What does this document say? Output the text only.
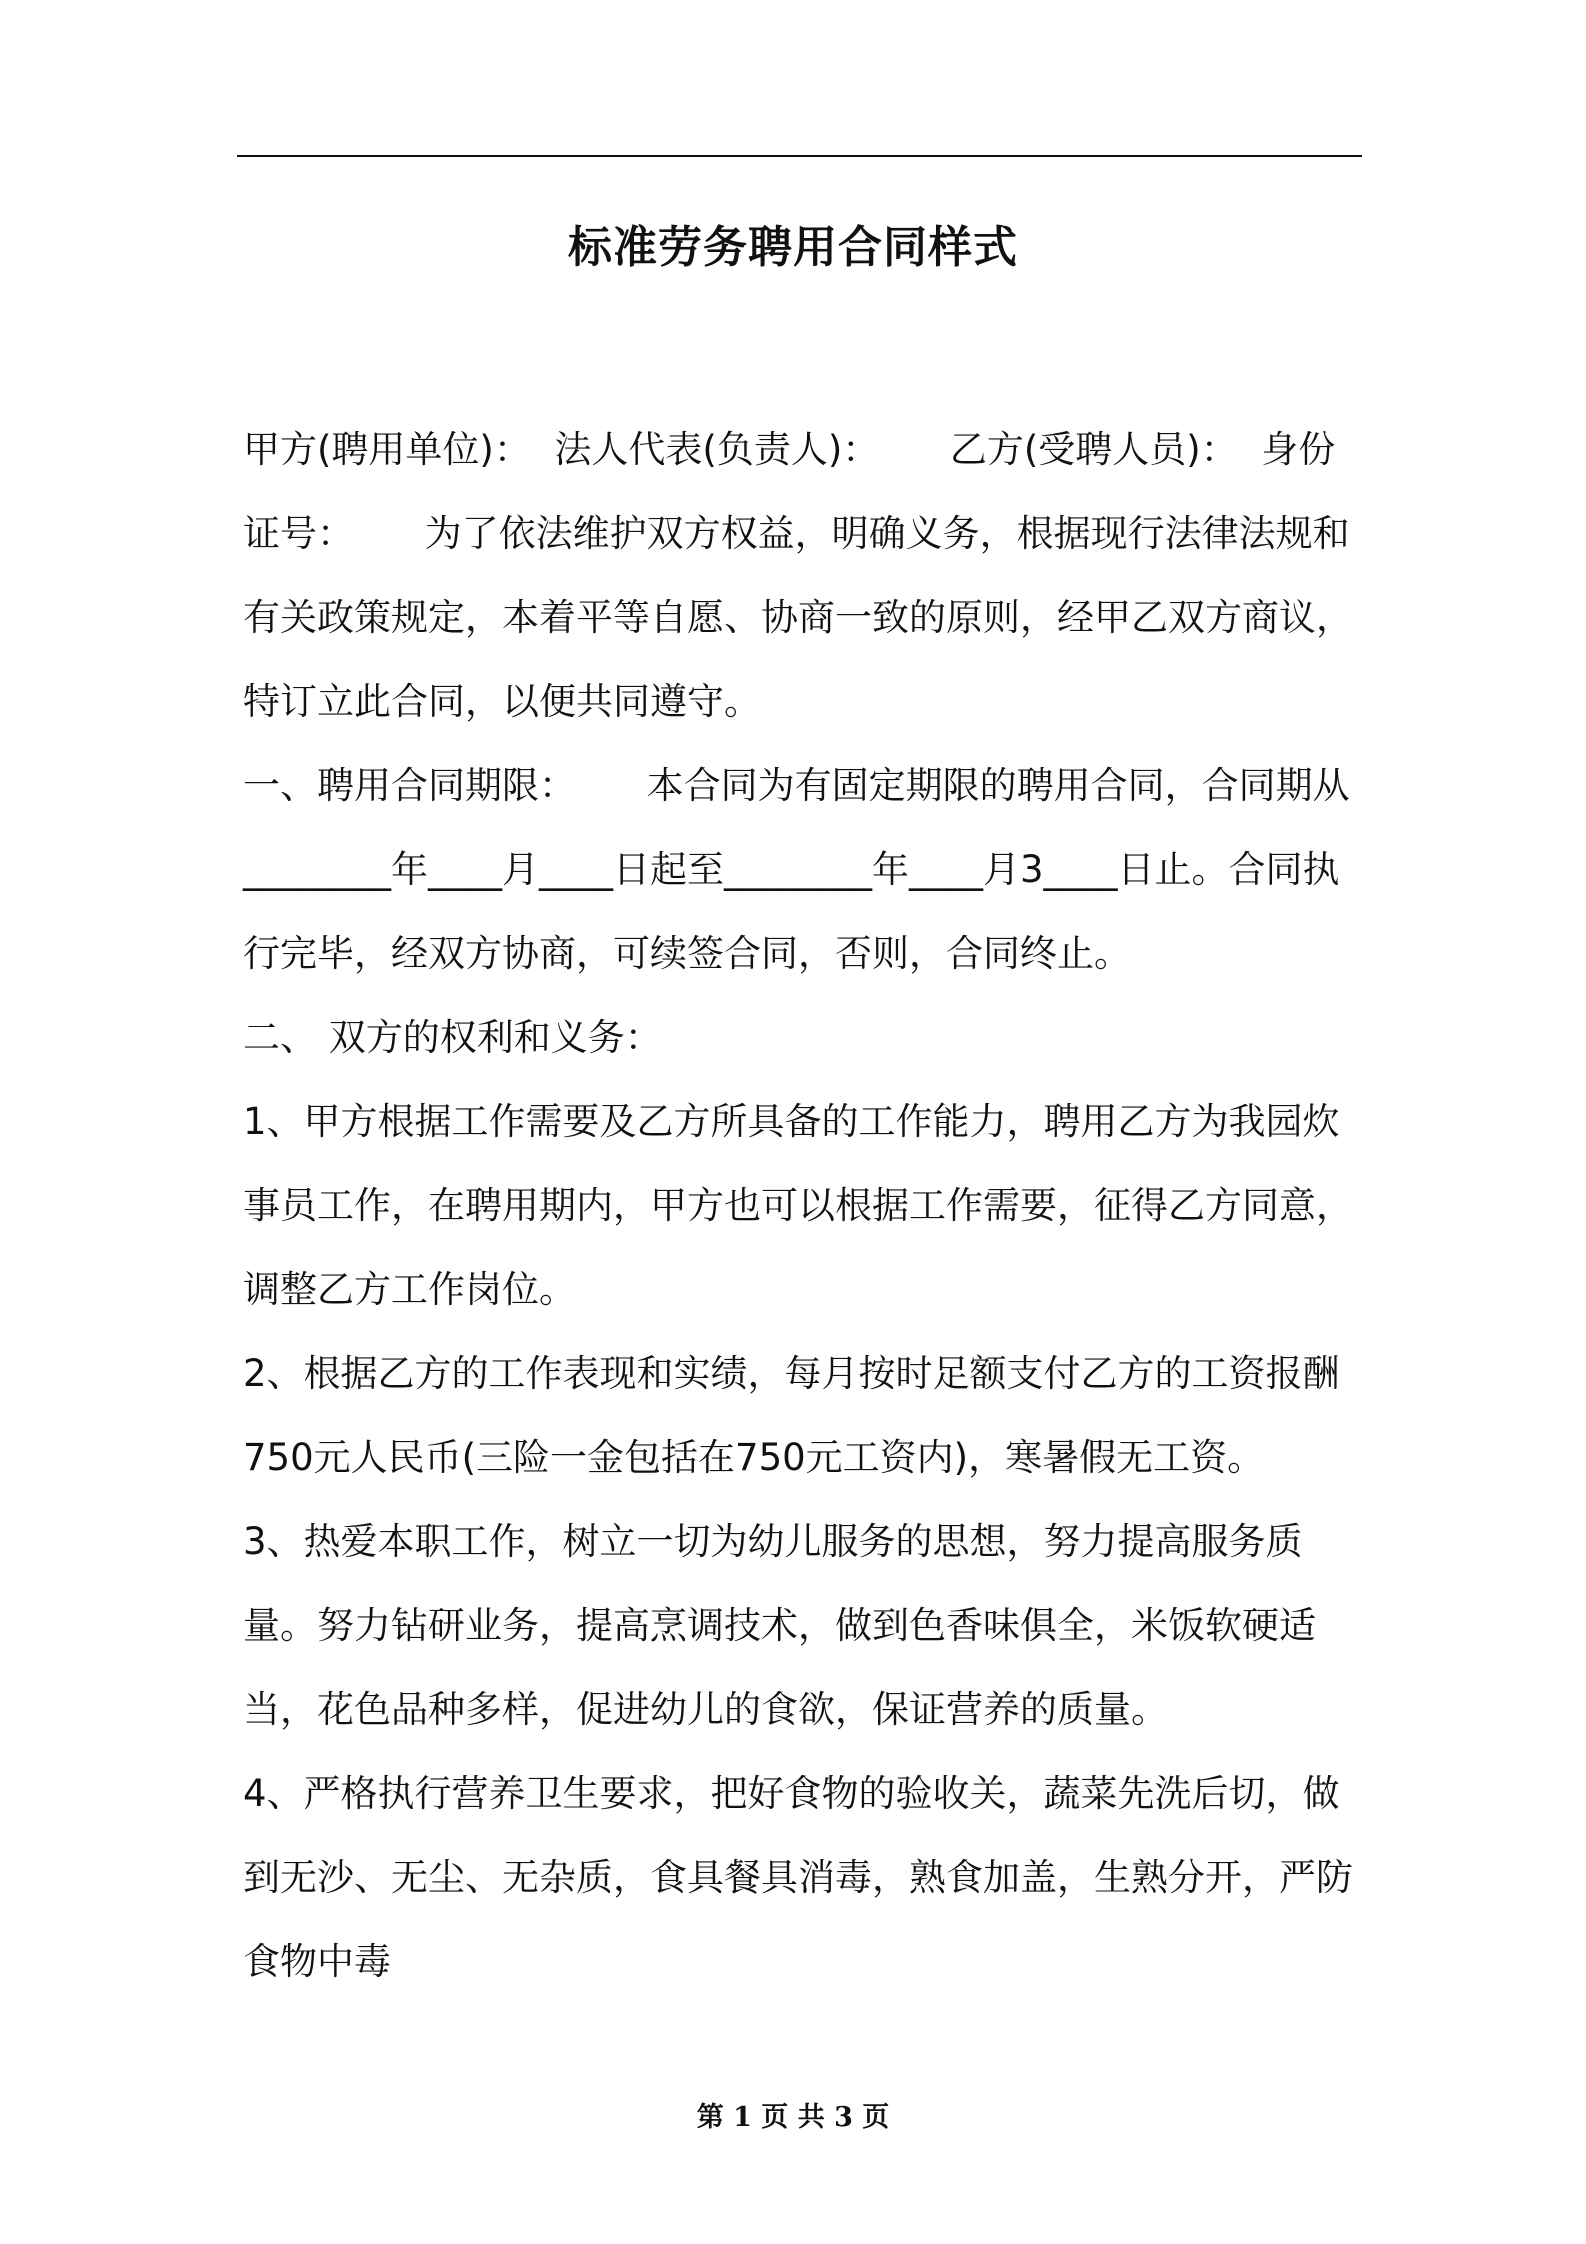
标准劳务聘用合同样式

甲方(聘用单位)：  法人代表(负责人)：      乙方(受聘人员)：  身份证号：      为了依法维护双方权益，明确义务，根据现行法律法规和有关政策规定，本着平等自愿、协商一致的原则，经甲乙双方商议，特订立此合同，以便共同遵守。

一、聘用合同期限：      本合同为有固定期限的聘用合同，合同期从________年____月____日起至________年____月3____日止。合同执行完毕，经双方协商，可续签合同，否则，合同终止。

二、 双方的权利和义务：

1、甲方根据工作需要及乙方所具备的工作能力，聘用乙方为我园炊事员工作，在聘用期内，甲方也可以根据工作需要，征得乙方同意，调整乙方工作岗位。

2、根据乙方的工作表现和实绩，每月按时足额支付乙方的工资报酬750元人民币(三险一金包括在750元工资内)，寒暑假无工资。

3、热爱本职工作，树立一切为幼儿服务的思想，努力提高服务质量。努力钻研业务，提高烹调技术，做到色香味俱全，米饭软硬适当，花色品种多样，促进幼儿的食欲，保证营养的质量。

4、严格执行营养卫生要求，把好食物的验收关，蔬菜先洗后切，做到无沙、无尘、无杂质，食具餐具消毒，熟食加盖，生熟分开，严防食物中毒

第 1 页 共 3 页
